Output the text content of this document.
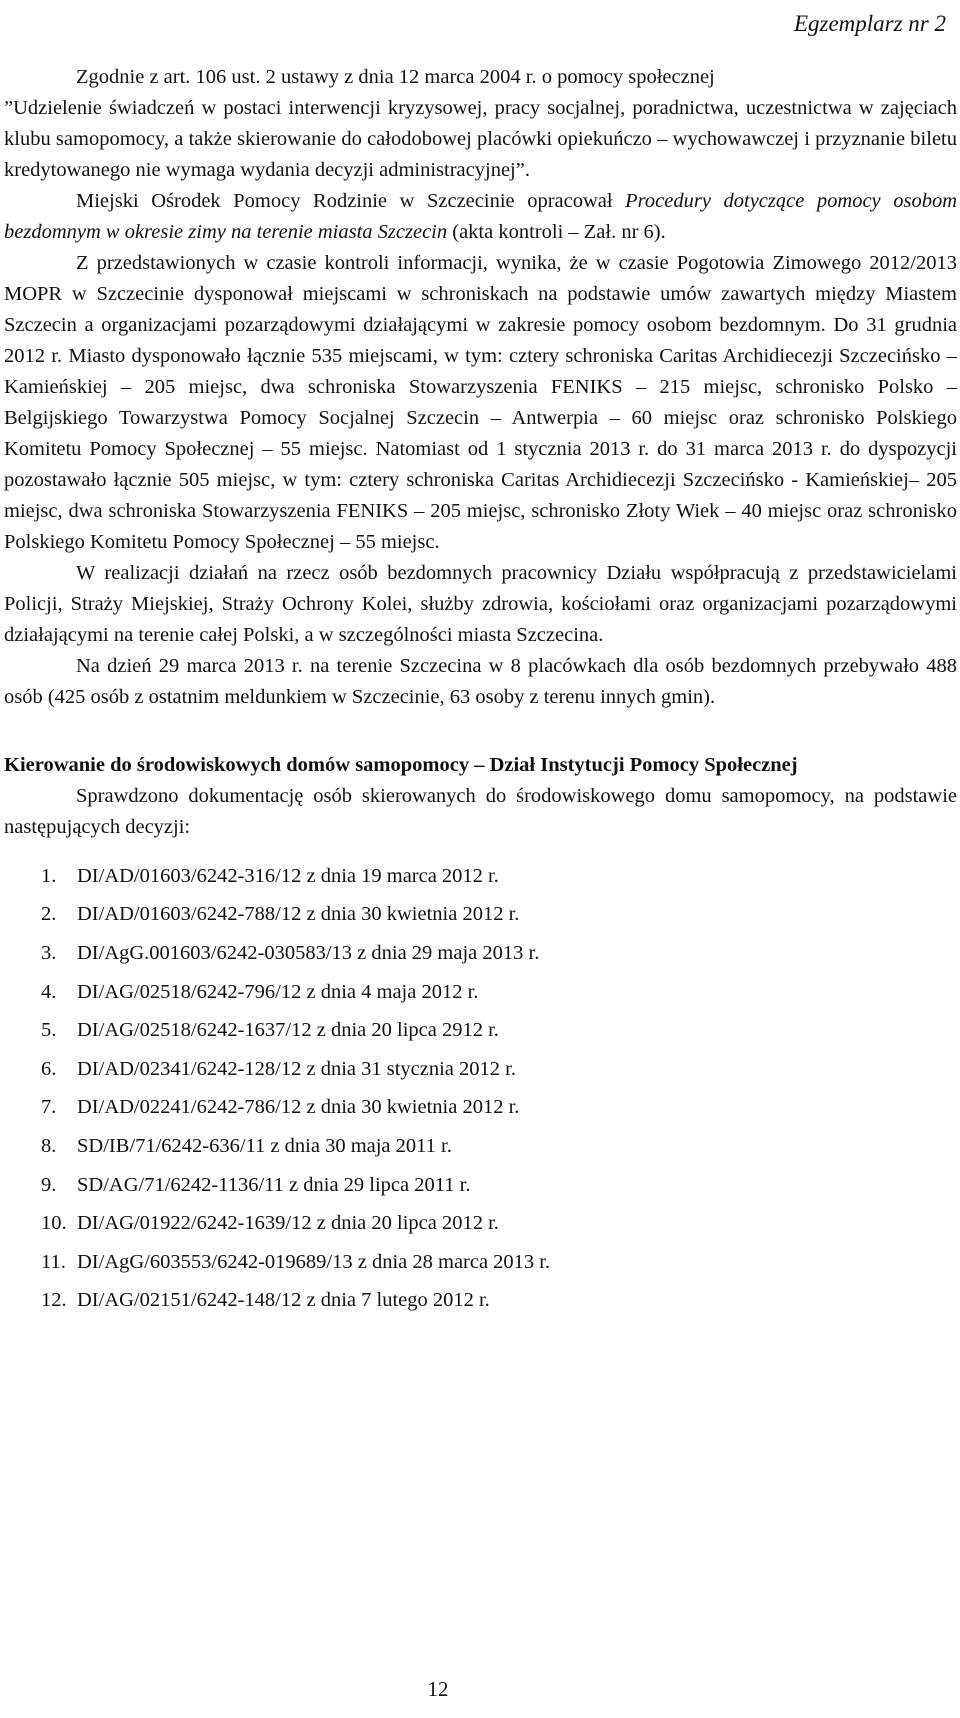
Egzemplarz nr 2

Zgodnie z art. 106 ust. 2 ustawy z dnia 12 marca 2004 r. o pomocy społecznej

”Udzielenie świadczeń w postaci interwencji kryzysowej, pracy socjalnej, poradnictwa, uczestnictwa w zajęciach klubu samopomocy, a także skierowanie do całodobowej placówki opiekuńczo – wychowawczej i przyznanie biletu kredytowanego nie wymaga wydania decyzji administracyjnej”.

Miejski Ośrodek Pomocy Rodzinie w Szczecinie opracował Procedury dotyczące pomocy osobom bezdomnym w okresie zimy na terenie miasta Szczecin (akta kontroli – Zał. nr 6).

Z przedstawionych w czasie kontroli informacji, wynika, że w czasie Pogotowia Zimowego 2012/2013 MOPR w Szczecinie dysponował miejscami w schroniskach na podstawie umów zawartych między Miastem Szczecin a organizacjami pozarządowymi działającymi w zakresie pomocy osobom bezdomnym. Do 31 grudnia 2012 r. Miasto dysponowało łącznie 535 miejscami, w tym: cztery schroniska Caritas Archidiecezji Szczecińsko – Kamieńskiej – 205 miejsc, dwa schroniska Stowarzyszenia FENIKS – 215 miejsc, schronisko Polsko – Belgijskiego Towarzystwa Pomocy Socjalnej Szczecin – Antwerpia – 60 miejsc oraz schronisko Polskiego Komitetu Pomocy Społecznej – 55 miejsc. Natomiast od 1 stycznia 2013 r. do 31 marca 2013 r. do dyspozycji pozostawało łącznie 505 miejsc, w tym: cztery schroniska Caritas Archidiecezji Szczecińsko - Kamieńskiej– 205 miejsc, dwa schroniska Stowarzyszenia FENIKS – 205 miejsc, schronisko Złoty Wiek – 40 miejsc oraz schronisko Polskiego Komitetu Pomocy Społecznej – 55 miejsc.

W realizacji działań na rzecz osób bezdomnych pracownicy Działu współpracują z przedstawicielami Policji, Straży Miejskiej, Straży Ochrony Kolei, służby zdrowia, kościołami oraz organizacjami pozarządowymi działającymi na terenie całej Polski, a w szczególności miasta Szczecina.

Na dzień 29 marca 2013 r. na terenie Szczecina w 8 placówkach dla osób bezdomnych przebywało 488 osób (425 osób z ostatnim meldunkiem w Szczecinie, 63 osoby z terenu innych gmin).

Kierowanie do środowiskowych domów samopomocy – Dział Instytucji Pomocy Społecznej

Sprawdzono dokumentację osób skierowanych do środowiskowego domu samopomocy, na podstawie następujących decyzji:

1.	DI/AD/01603/6242-316/12 z dnia 19 marca 2012 r.
2.	DI/AD/01603/6242-788/12 z dnia 30 kwietnia 2012 r.
3.	DI/AgG.001603/6242-030583/13 z dnia 29 maja 2013 r.
4.	DI/AG/02518/6242-796/12 z dnia 4 maja 2012 r.
5.	DI/AG/02518/6242-1637/12 z dnia 20 lipca 2912 r.
6.	DI/AD/02341/6242-128/12 z dnia 31 stycznia 2012 r.
7.	DI/AD/02241/6242-786/12 z dnia 30 kwietnia 2012 r.
8.	SD/IB/71/6242-636/11 z dnia 30 maja 2011 r.
9.	SD/AG/71/6242-1136/11 z dnia 29 lipca 2011 r.
10. DI/AG/01922/6242-1639/12 z dnia 20 lipca 2012 r.
11. DI/AgG/603553/6242-019689/13 z dnia 28 marca 2013 r.
12. DI/AG/02151/6242-148/12 z dnia 7 lutego 2012 r.
12
